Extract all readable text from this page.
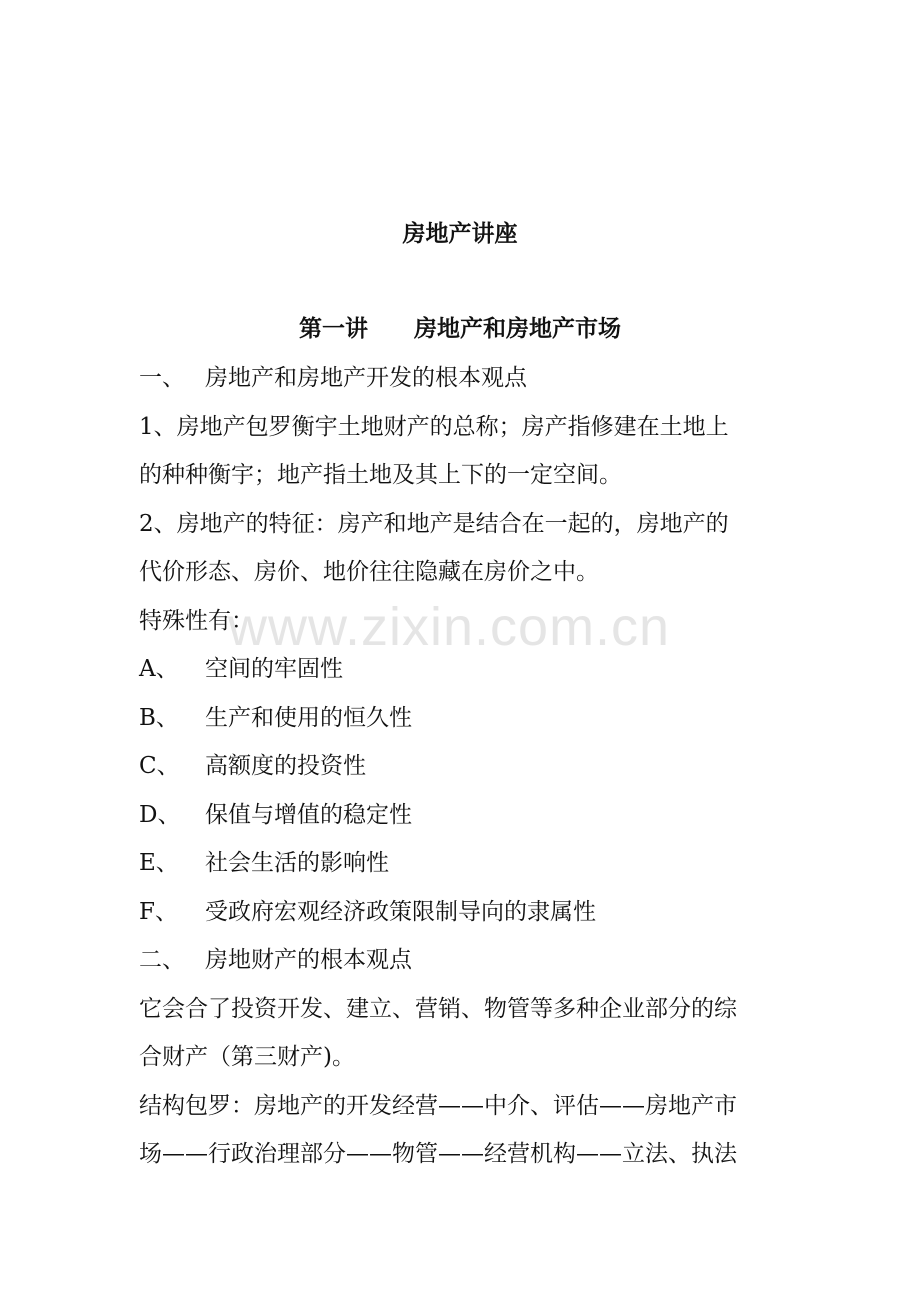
房地产讲座
第一讲　　房地产和房地产市场
一、 房地产和房地产开发的根本观点
1、房地产包罗衡宇土地财产的总称；房产指修建在土地上
的种种衡宇；地产指土地及其上下的一定空间。
2、房地产的特征：房产和地产是结合在一起的，房地产的
代价形态、房价、地价往往隐藏在房价之中。
特殊性有：
A、 空间的牢固性
B、 生产和使用的恒久性
C、 高额度的投资性
D、 保值与增值的稳定性
E、 社会生活的影响性
F、 受政府宏观经济政策限制导向的隶属性
二、 房地财产的根本观点
它会合了投资开发、建立、营销、物管等多种企业部分的综
合财产（第三财产)。
结构包罗：房地产的开发经营——中介、评估——房地产市
场——行政治理部分——物管——经营机构——立法、执法
www.zixin.com.cn
